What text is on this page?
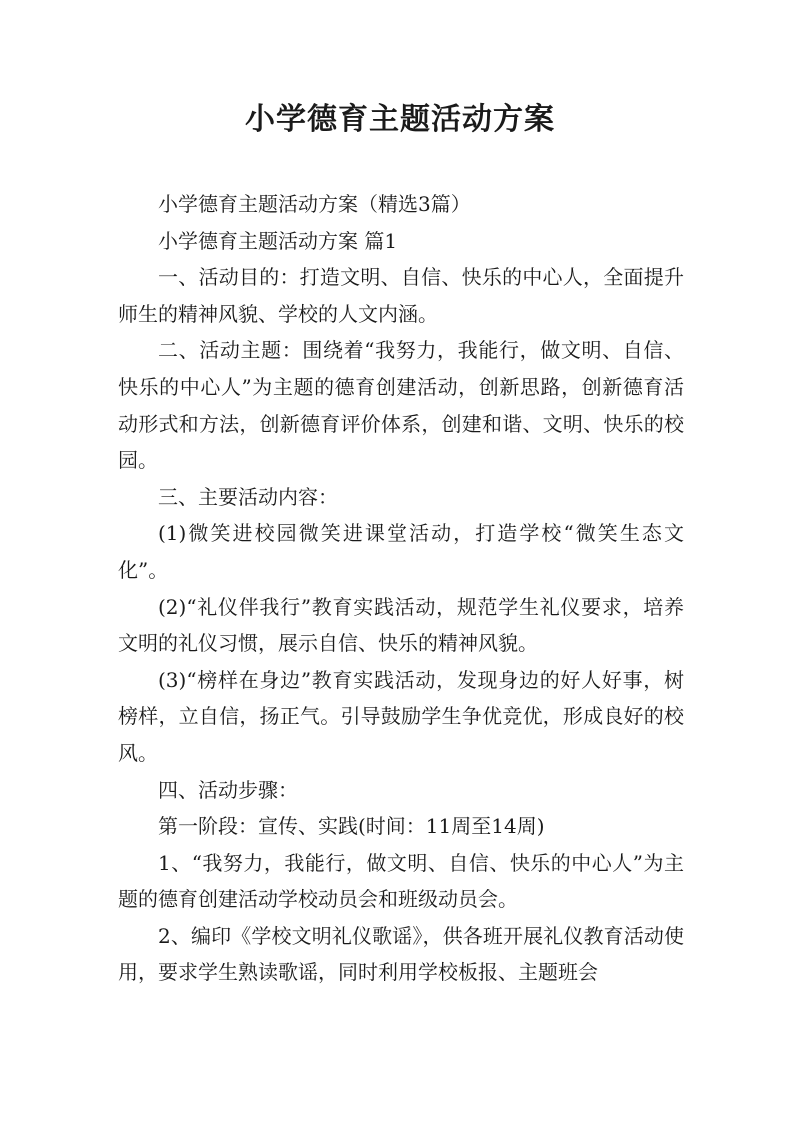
小学德育主题活动方案

小学德育主题活动方案（精选3篇）

小学德育主题活动方案 篇1

一、活动目的：打造文明、自信、快乐的中心人，全面提升师生的精神风貌、学校的人文内涵。

二、活动主题：围绕着“我努力，我能行，做文明、自信、快乐的中心人”为主题的德育创建活动，创新思路，创新德育活动形式和方法，创新德育评价体系，创建和谐、文明、快乐的校园。

三、主要活动内容：

(1)微笑进校园微笑进课堂活动，打造学校“微笑生态文化”。

(2)“礼仪伴我行”教育实践活动，规范学生礼仪要求，培养文明的礼仪习惯，展示自信、快乐的精神风貌。

(3)“榜样在身边”教育实践活动，发现身边的好人好事，树榜样，立自信，扬正气。引导鼓励学生争优竞优，形成良好的校风。

四、活动步骤：

第一阶段：宣传、实践(时间：11周至14周)

1、“我努力，我能行，做文明、自信、快乐的中心人”为主题的德育创建活动学校动员会和班级动员会。

2、编印《学校文明礼仪歌谣》，供各班开展礼仪教育活动使用，要求学生熟读歌谣，同时利用学校板报、主题班会
